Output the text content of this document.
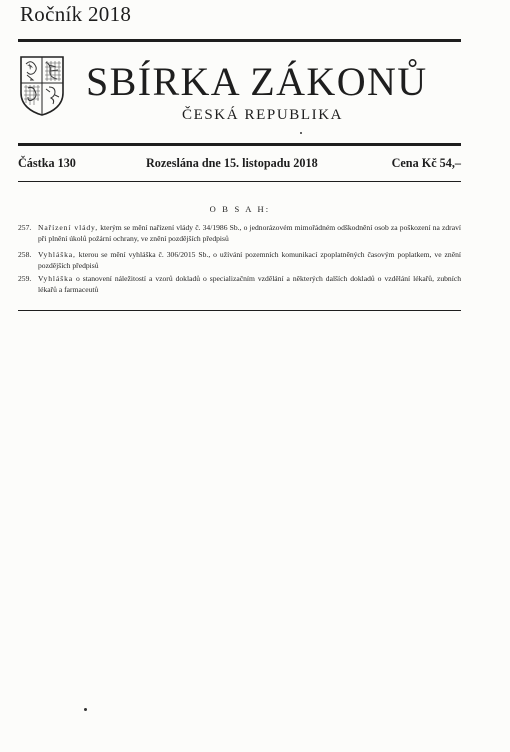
Ročník 2018
SBÍRKA ZÁKONŮ
ČESKÁ REPUBLIKA
Částka 130	Rozeslána dne 15. listopadu 2018	Cena Kč 54,–
O B S A H:
257. Nařízení vlády, kterým se mění nařízení vlády č. 34/1986 Sb., o jednorázovém mimořádném odškodnění osob za poškození na zdraví při plnění úkolů požární ochrany, ve znění pozdějších předpisů
258. Vyhláška, kterou se mění vyhláška č. 306/2015 Sb., o užívání pozemních komunikací zpoplatněných časovým poplatkem, ve znění pozdějších předpisů
259. Vyhláška o stanovení náležitostí a vzorů dokladů o specializačním vzdělání a některých dalších dokladů o vzdělání lékařů, zubních lékařů a farmaceutů
